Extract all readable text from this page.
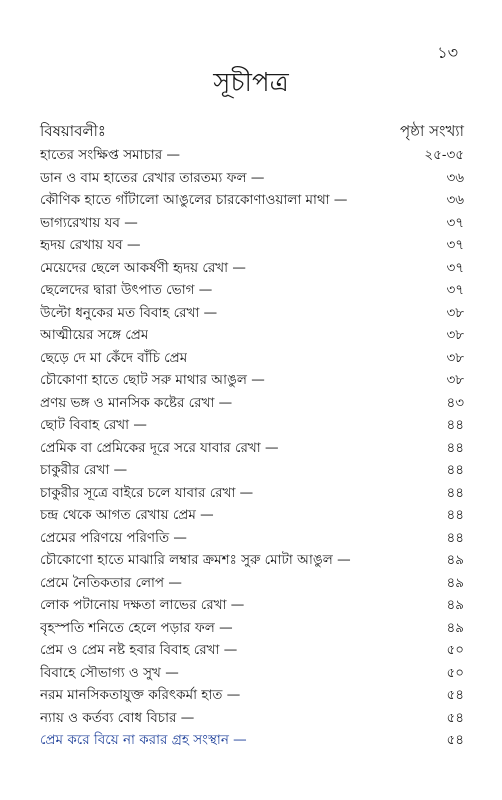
১৩
সূচীপত্র
বিষয়াবলীঃ	পৃষ্ঠা সংখ্যা
হাতের সংক্ষিপ্ত সমাচার —	২৫-৩৫
ডান ও বাম হাতের রেখার তারতম্য ফল —	৩৬
কৌণিক হাতে গাঁটালো আঙুলের চারকোণাওয়ালা মাথা —	৩৬
ভাগ্যরেখায় যব —	৩৭
হৃদয় রেখায় যব —	৩৭
মেয়েদের ছেলে আকর্ষণী হৃদয় রেখা —	৩৭
ছেলেদের দ্বারা উৎপাত ভোগ —	৩৭
উল্টো ধনুকের মত বিবাহ রেখা —	৩৮
আত্মীয়ের সঙ্গে প্রেম	৩৮
ছেড়ে দে মা কেঁদে বাঁচি প্রেম	৩৮
চৌকোণা হাতে ছোট সরু মাথার আঙুল —	৩৮
প্রণয় ভঙ্গ ও মানসিক কষ্টের রেখা —	৪৩
ছোট বিবাহ রেখা —	৪৪
প্রেমিক বা প্রেমিকের দূরে সরে যাবার রেখা —	৪৪
চাকুরীর রেখা —	৪৪
চাকুরীর সূত্রে বাইরে চলে যাবার রেখা —	৪৪
চন্দ্র থেকে আগত রেখায় প্রেম —	৪৪
প্রেমের পরিণয়ে পরিণতি —	৪৪
চৌকোণো হাতে মাঝারি লম্বার ক্রমশঃ সুরু মোটা আঙুল —	৪৯
প্রেমে নৈতিকতার লোপ —	৪৯
লোক পটানোয় দক্ষতা লাভের রেখা —	৪৯
বৃহস্পতি শনিতে হেলে পড়ার ফল —	৪৯
প্রেম ও প্রেম নষ্ট হবার বিবাহ রেখা —	৫০
বিবাহে সৌভাগ্য ও সুখ —	৫০
নরম মানসিকতাযুক্ত করিৎকর্মা হাত —	৫৪
ন্যায় ও কর্তব্য বোধ বিচার —	৫৪
প্রেম করে বিয়ে না করার গ্রহ সংস্থান —	৫৪
